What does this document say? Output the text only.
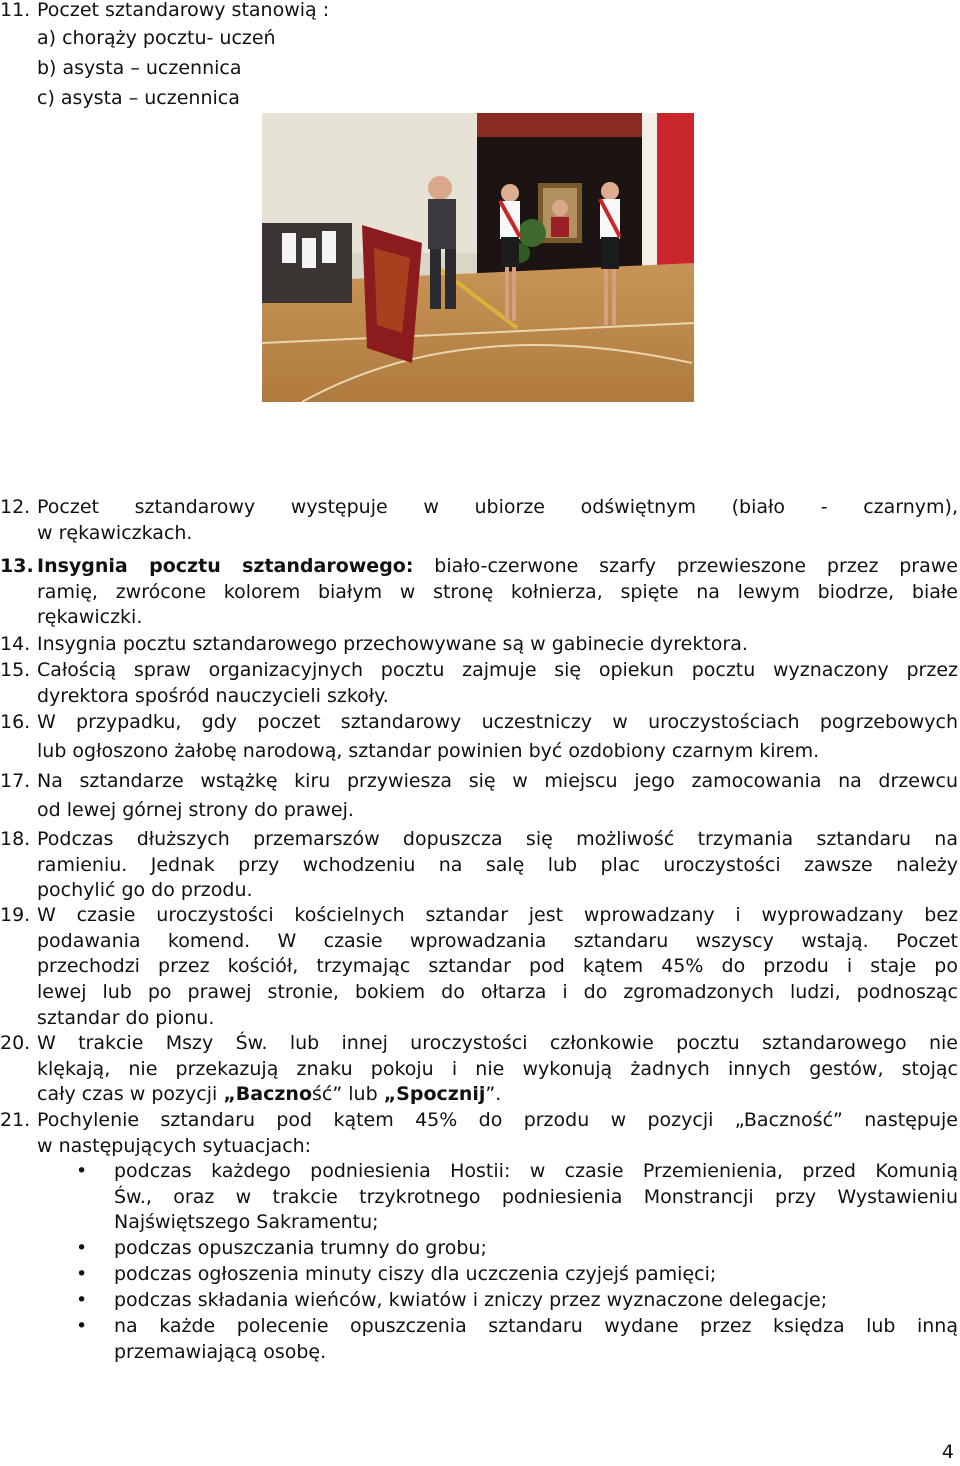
11. Poczet sztandarowy stanowią :
a) chorąży pocztu- uczeń
b) asysta – uczennica
c) asysta – uczennica
12. Poczet sztandarowy występuje w ubiorze odświętnym (biało - czarnym),
w rękawiczkach.
13. Insygnia pocztu sztandarowego: biało-czerwone szarfy przewieszone przez prawe
ramię, zwrócone kolorem białym w stronę kołnierza, spięte na lewym biodrze, białe
rękawiczki.
14. Insygnia pocztu sztandarowego przechowywane są w gabinecie dyrektora.
15. Całością spraw organizacyjnych pocztu zajmuje się opiekun pocztu wyznaczony przez
dyrektora spośród nauczycieli szkoły.
16. W przypadku, gdy poczet sztandarowy uczestniczy w uroczystościach pogrzebowych
lub ogłoszono żałobę narodową, sztandar powinien być ozdobiony czarnym kirem.
17. Na sztandarze wstążkę kiru przywiesza się w miejscu jego zamocowania na drzewcu
od lewej górnej strony do prawej.
18. Podczas dłuższych przemarszów dopuszcza się możliwość trzymania sztandaru na
ramieniu. Jednak przy wchodzeniu na salę lub plac uroczystości zawsze należy
pochylić go do przodu.
19. W czasie uroczystości kościelnych sztandar jest wprowadzany i wyprowadzany bez
podawania komend. W czasie wprowadzania sztandaru wszyscy wstają. Poczet
przechodzi przez kościół, trzymając sztandar pod kątem 45% do przodu i staje po
lewej lub po prawej stronie, bokiem do ołtarza i do zgromadzonych ludzi, podnosząc
sztandar do pionu.
20. W trakcie Mszy Św. lub innej uroczystości członkowie pocztu sztandarowego nie
klękają, nie przekazują znaku pokoju i nie wykonują żadnych innych gestów, stojąc
cały czas w pozycji „Baczność” lub „Spocznij”.
21. Pochylenie sztandaru pod kątem 45% do przodu w pozycji „Baczność” następuje
w następujących sytuacjach:
• podczas każdego podniesienia Hostii: w czasie Przemienienia, przed Komunią
Św., oraz w trakcie trzykrotnego podniesienia Monstrancji przy Wystawieniu
Najświętszego Sakramentu;
• podczas opuszczania trumny do grobu;
• podczas ogłoszenia minuty ciszy dla uczczenia czyjejś pamięci;
• podczas składania wieńców, kwiatów i zniczy przez wyznaczone delegacje;
• na każde polecenie opuszczenia sztandaru wydane przez księdza lub inną
przemawiającą osobę.
4
